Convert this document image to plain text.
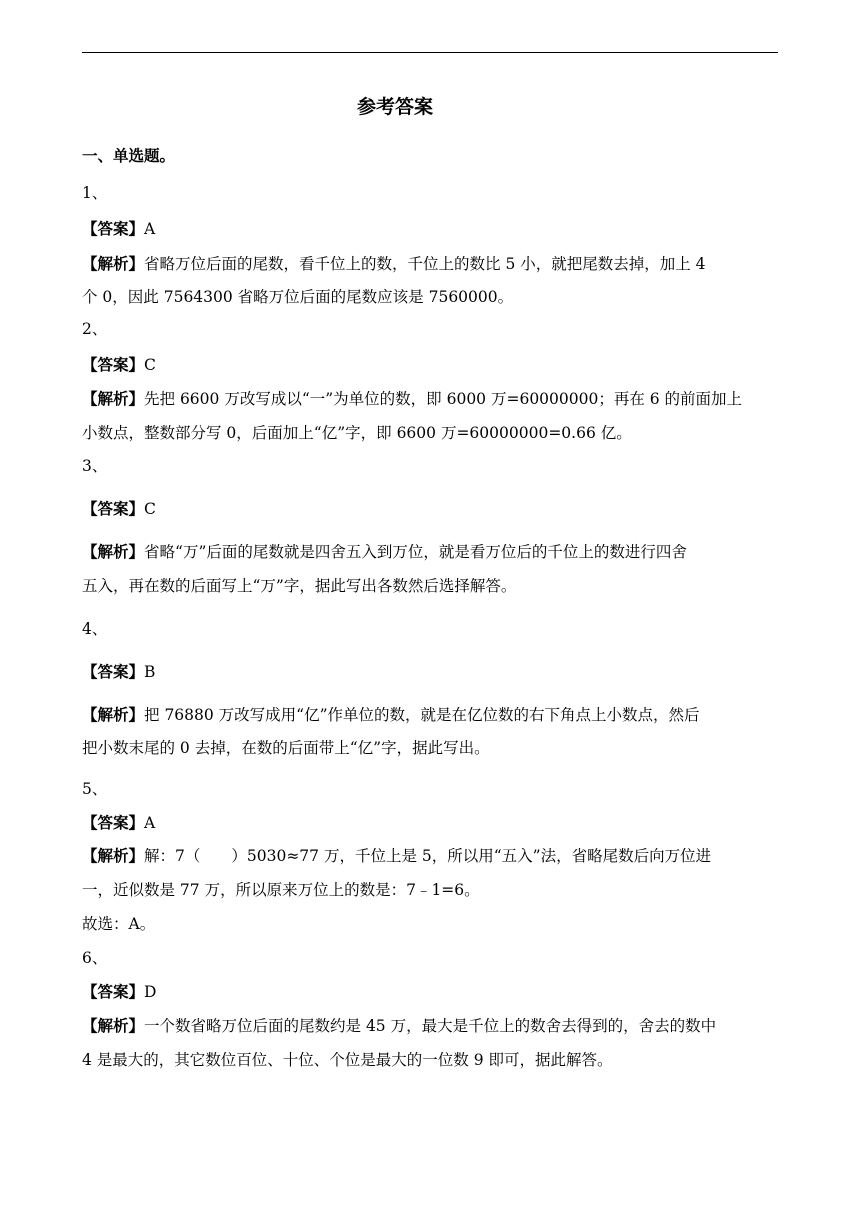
参考答案
一、单选题。
1、
【答案】A
【解析】省略万位后面的尾数，看千位上的数，千位上的数比 5 小，就把尾数去掉，加上 4
个 0，因此 7564300 省略万位后面的尾数应该是 7560000。
2、
【答案】C
【解析】先把 6600 万改写成以“一”为单位的数，即 6000 万=60000000；再在 6 的前面加上
小数点，整数部分写 0，后面加上“亿”字，即 6600 万=60000000=0.66 亿。
3、
【答案】C
【解析】省略“万”后面的尾数就是四舍五入到万位，就是看万位后的千位上的数进行四舍
五入，再在数的后面写上“万”字，据此写出各数然后选择解答。
4、
【答案】B
【解析】把 76880 万改写成用“亿”作单位的数，就是在亿位数的右下角点上小数点，然后
把小数末尾的 0 去掉，在数的后面带上“亿”字，据此写出。
5、
【答案】A
【解析】解：7（　　）5030≈77 万，千位上是 5，所以用“五入”法，省略尾数后向万位进
一，近似数是 77 万，所以原来万位上的数是：7﹣1=6。
故选：A。
6、
【答案】D
【解析】一个数省略万位后面的尾数约是 45 万，最大是千位上的数舍去得到的，舍去的数中
4 是最大的，其它数位百位、十位、个位是最大的一位数 9 即可，据此解答。
